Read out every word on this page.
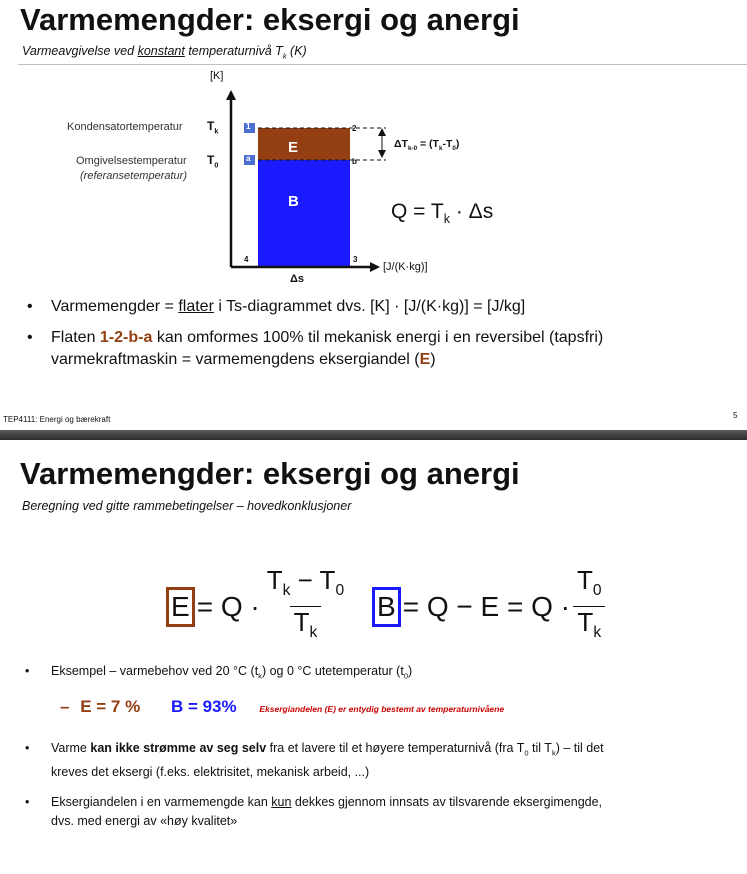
Varmemengder: eksergi og anergi
Varmeavgivelse ved konstant temperaturnivå $T_k$ (K)
[K]
Kondensatortemperatur $T_k$
Omgivelsestemperatur $T_0$
(referansetemperatur)
1
a
2
b
3
4
E
B
Δs
[J/(K·kg)]
$\Delta T_{k-0} = (T_k-T_0)$
$Q = T_k \cdot \Delta s$
• Varmemengder = flater i Ts-diagrammet dvs. [K] · [J/(K·kg)] = [J/kg]
• Flaten 1-2-b-a kan omformes 100% til mekanisk energi i en reversibel (tapsfri)
varmekraftmaskin = varmemengdens eksergiandel (E)
TEP4111: Energi og bærekraft	5
Varmemengder: eksergi og anergi
Beregning ved gitte rammebetingelser – hovedkonklusjoner
$E = Q \cdot \frac{T_k - T_0}{T_k}$ $B = Q - E = Q \cdot \frac{T_0}{T_k}$
• Eksempel – varmebehov ved 20 °C $(t_k)$ og 0 °C utetemperatur $(t_0)$
– E = 7 % B = 93%	Eksergiandelen (E) er entydig bestemt av temperaturnivåene
• Varme kan ikke strømme av seg selv fra et lavere til et høyere temperaturnivå (fra $T_0$ til $T_k$) – til det
kreves det eksergi (f.eks. elektrisitet, mekanisk arbeid, ...)
• Eksergiandelen i en varmemengde kan kun dekkes gjennom innsats av tilsvarende eksergimengde,
dvs. med energi av «høy kvalitet»
